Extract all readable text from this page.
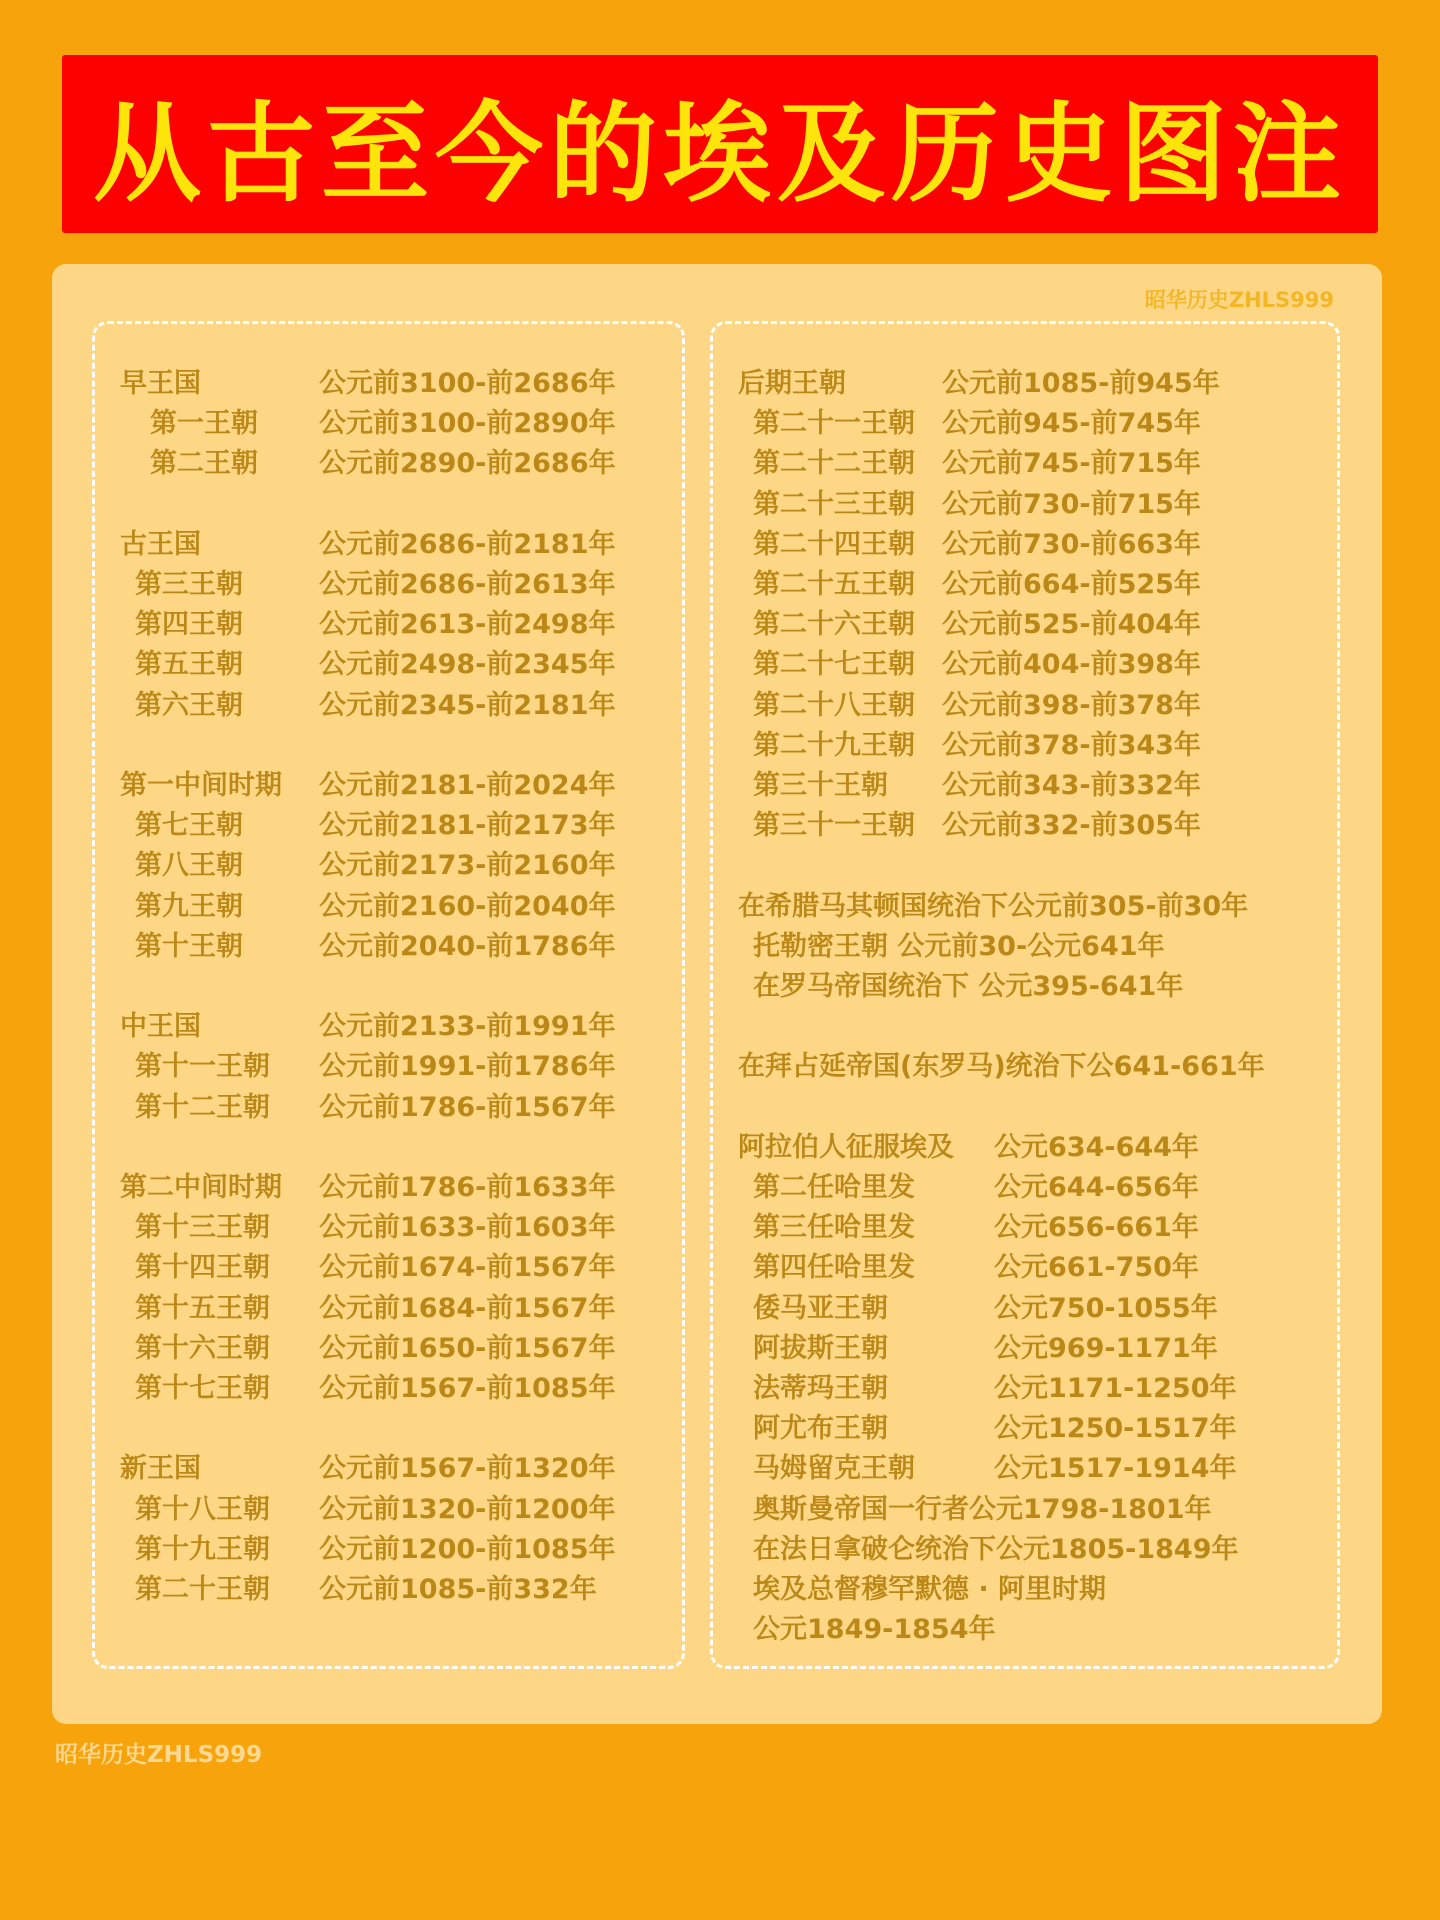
从古至今的埃及历史图注
昭华历史ZHLS999
早王国	公元前3100-前2686年
第一王朝 公元前3100-前2890年
第二王朝 公元前2890-前2686年
古王国	公元前2686-前2181年
第三王朝	公元前2686-前2613年
第四王朝	公元前2613-前2498年
第五王朝	公元前2498-前2345年
第六王朝	公元前2345-前2181年
第一中间时期 公元前2181-前2024年
第七王朝	公元前2181-前2173年
第八王朝	公元前2173-前2160年
第九王朝	公元前2160-前2040年
第十王朝	公元前2040-前1786年
中王国	公元前2133-前1991年
第十一王朝 公元前1991-前1786年
第十二王朝 公元前1786-前1567年
第二中间时期 公元前1786-前1633年
第十三王朝 公元前1633-前1603年
第十四王朝 公元前1674-前1567年
第十五王朝 公元前1684-前1567年
第十六王朝 公元前1650-前1567年
第十七王朝 公元前1567-前1085年
新王国	公元前1567-前1320年
第十八王朝 公元前1320-前1200年
第十九王朝 公元前1200-前1085年
第二十王朝 公元前1085-前332年
后期王朝	公元前1085-前945年
第二十一王朝 公元前945-前745年
第二十二王朝 公元前745-前715年
第二十三王朝 公元前730-前715年
第二十四王朝 公元前730-前663年
第二十五王朝 公元前664-前525年
第二十六王朝 公元前525-前404年
第二十七王朝 公元前404-前398年
第二十八王朝 公元前398-前378年
第二十九王朝 公元前378-前343年
第三十王朝 公元前343-前332年
第三十一王朝 公元前332-前305年
在希腊马其顿国统治下公元前305-前30年
托勒密王朝 公元前30-公元641年
在罗马帝国统治下 公元395-641年
在拜占延帝国(东罗马)统治下公641-661年
阿拉伯人征服埃及 公元634-644年
第二任哈里发	公元644-656年
第三任哈里发	公元656-661年
第四任哈里发	公元661-750年
倭马亚王朝	公元750-1055年
阿拔斯王朝	公元969-1171年
法蒂玛王朝	公元1171-1250年
阿尤布王朝	公元1250-1517年
马姆留克王朝	公元1517-1914年
奥斯曼帝国一行者公元1798-1801年
在法日拿破仑统治下公元1805-1849年
埃及总督穆罕默德 · 阿里时期
公元1849-1854年
昭华历史ZHLS999
